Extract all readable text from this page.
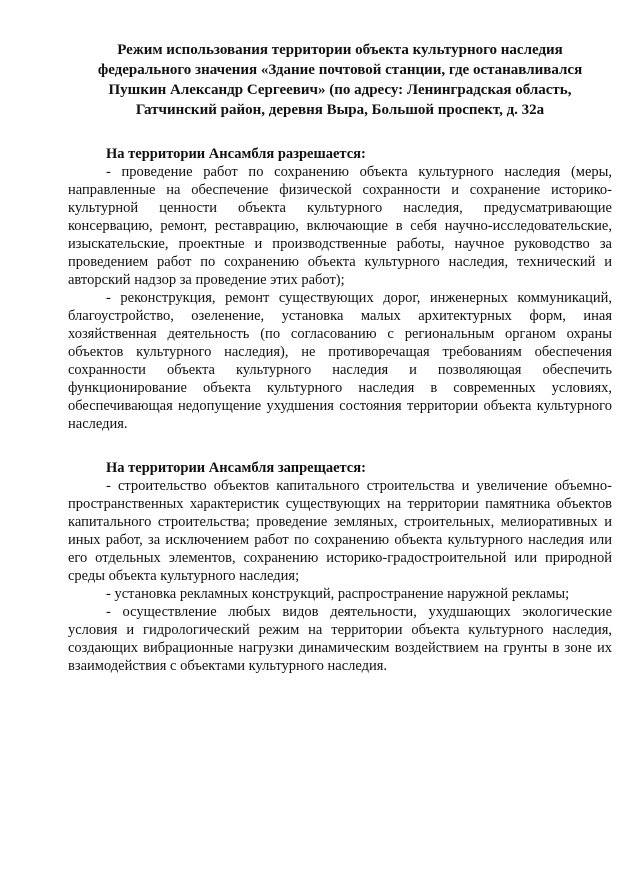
Режим использования территории объекта культурного наследия федерального значения «Здание почтовой станции, где останавливался Пушкин Александр Сергеевич» (по адресу: Ленинградская область, Гатчинский район, деревня Выра, Большой проспект, д. 32а

На территории Ансамбля разрешается:

- проведение работ по сохранению объекта культурного наследия (меры, направленные на обеспечение физической сохранности и сохранение историко-культурной ценности объекта культурного наследия, предусматривающие консервацию, ремонт, реставрацию, включающие в себя научно-исследовательские, изыскательские, проектные и производственные работы, научное руководство за проведением работ по сохранению объекта культурного наследия, технический и авторский надзор за проведение этих работ);

- реконструкция, ремонт существующих дорог, инженерных коммуникаций, благоустройство, озеленение, установка малых архитектурных форм, иная хозяйственная деятельность (по согласованию с региональным органом охраны объектов культурного наследия), не противоречащая требованиям обеспечения сохранности объекта культурного наследия и позволяющая обеспечить функционирование объекта культурного наследия в современных условиях, обеспечивающая недопущение ухудшения состояния территории объекта культурного наследия.

На территории Ансамбля запрещается:

- строительство объектов капитального строительства и увеличение объемно-пространственных характеристик существующих на территории памятника объектов капитального строительства; проведение земляных, строительных, мелиоративных и иных работ, за исключением работ по сохранению объекта культурного наследия или его отдельных элементов, сохранению историко-градостроительной или природной среды объекта культурного наследия;

- установка рекламных конструкций, распространение наружной рекламы;

- осуществление любых видов деятельности, ухудшающих экологические условия и гидрологический режим на территории объекта культурного наследия, создающих вибрационные нагрузки динамическим воздействием на грунты в зоне их взаимодействия с объектами культурного наследия.
